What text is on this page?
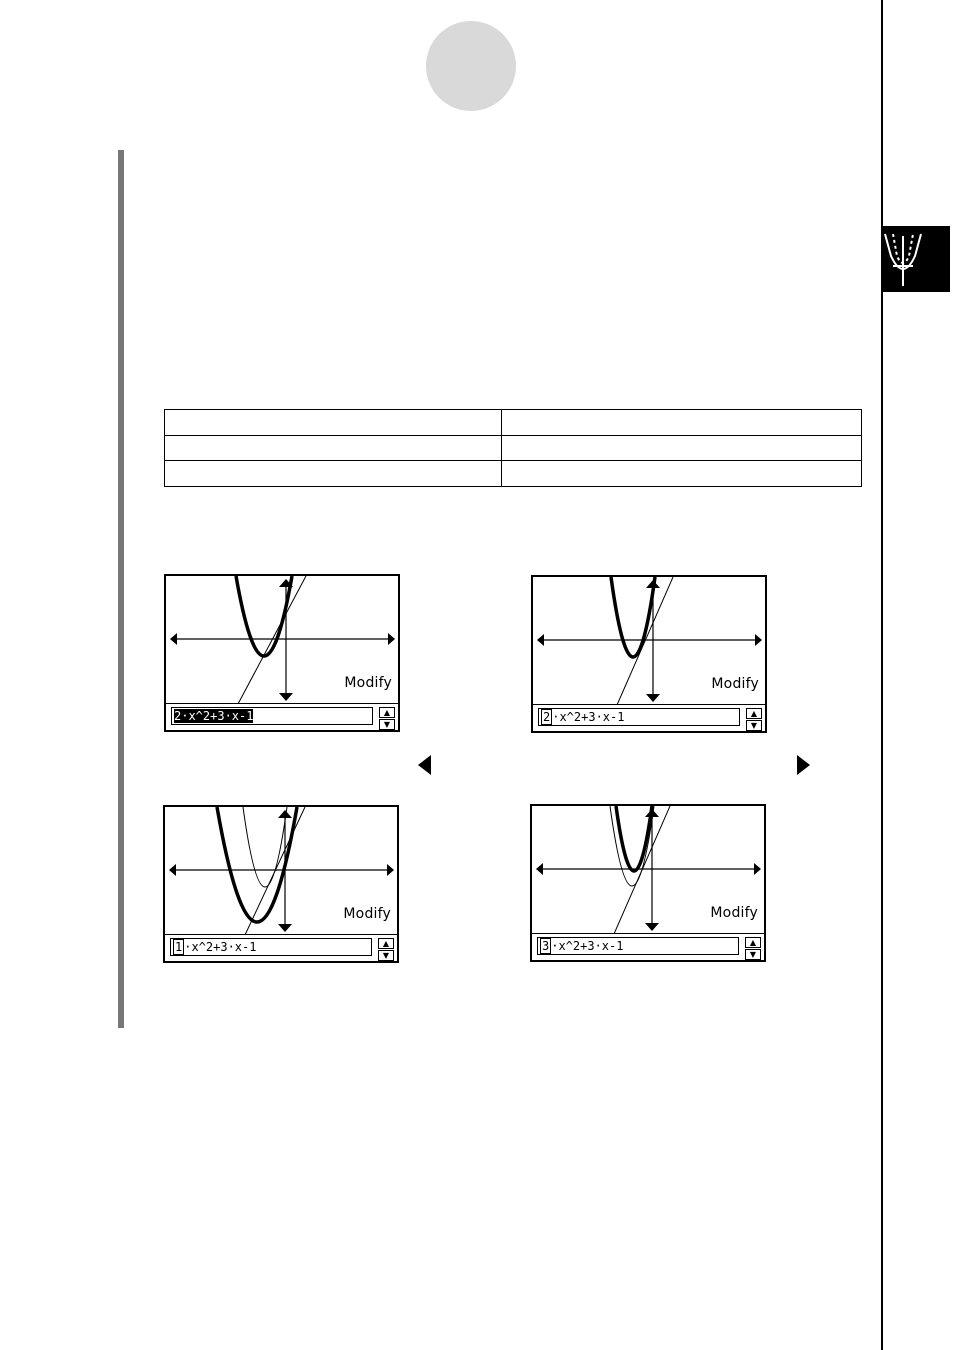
Modify
2·x^2+3·x-1	▲
▼
Modify
2 ·x^2+3·x-1	▲
▼
Modify
1 ·x^2+3·x-1	▲
▼
Modify
3 ·x^2+3·x-1	▲
▼
